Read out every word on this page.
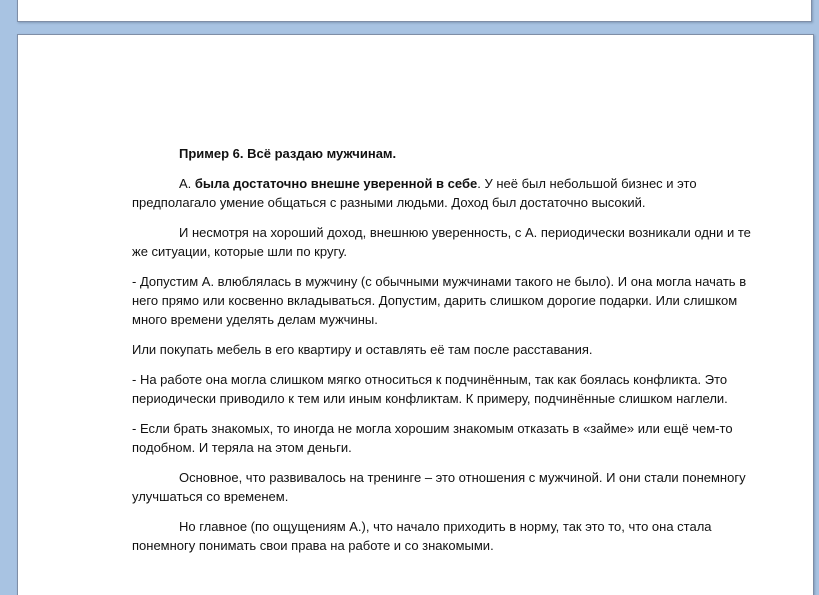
Пример 6. Всё раздаю мужчинам.

А. была достаточно внешне уверенной в себе. У неё был небольшой бизнес и это предполагало умение общаться с разными людьми. Доход был достаточно высокий.

И несмотря на хороший доход, внешнюю уверенность, с А. периодически возникали одни и те же ситуации, которые шли по кругу.

- Допустим А. влюблялась в мужчину (с обычными мужчинами такого не было). И она могла начать в него прямо или косвенно вкладываться. Допустим, дарить слишком дорогие подарки. Или слишком много времени уделять делам мужчины.

Или покупать мебель в его квартиру и оставлять её там после расставания.

- На работе она могла слишком мягко относиться к подчинённым, так как боялась конфликта. Это периодически приводило к тем или иным конфликтам. К примеру, подчинённые слишком наглели.

- Если брать знакомых, то иногда не могла хорошим знакомым отказать в «займе» или ещё чем-то подобном. И теряла на этом деньги.

Основное, что развивалось на тренинге – это отношения с мужчиной. И они стали понемногу улучшаться со временем.

Но главное (по ощущениям А.), что начало приходить в норму, так это то, что она стала понемногу понимать свои права на работе и со знакомыми.
